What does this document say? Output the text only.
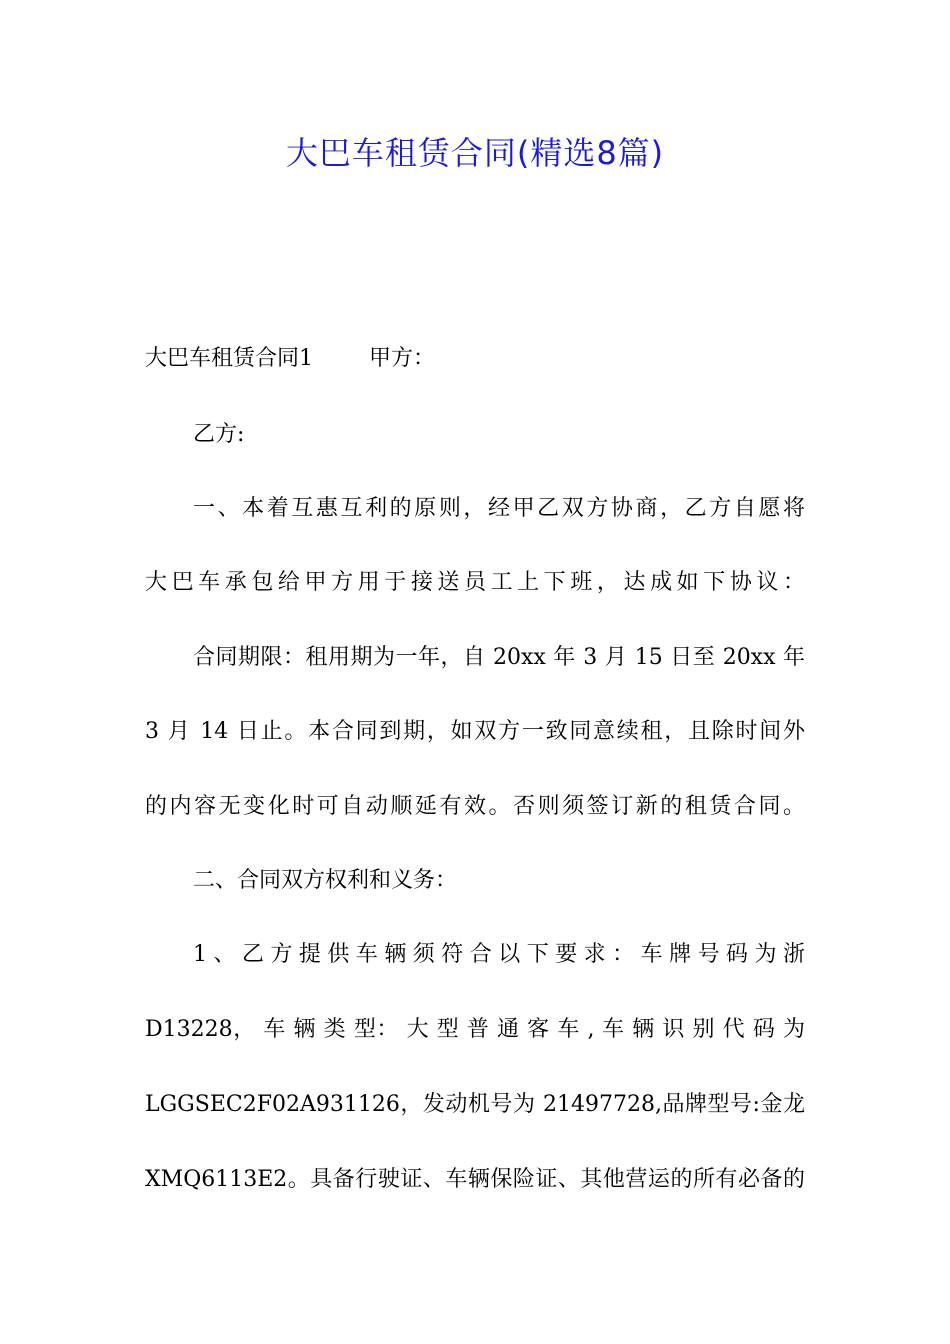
大巴车租赁合同(精选8篇)
大巴车租赁合同1	甲方：
乙方:
一、本着互惠互利的原则，经甲乙双方协商，乙方自愿将
大巴车承包给甲方用于接送员工上下班，达成如下协议：
合同期限：租用期为一年，自 20xx 年 3 月 15 日至 20xx 年
3 月 14 日止。本合同到期，如双方一致同意续租，且除时间外
的内容无变化时可自动顺延有效。否则须签订新的租赁合同。
二、合同双方权利和义务：
1、乙方提供车辆须符合以下要求：车牌号码为浙
D13228， 车 辆 类 型： 大 型 普 通 客 车 , 车 辆 识 别 代 码 为
LGGSEC2F02A931126，发动机号为 21497728,品牌型号:金龙
XMQ6113E2。具备行驶证、车辆保险证、其他营运的所有必备的
